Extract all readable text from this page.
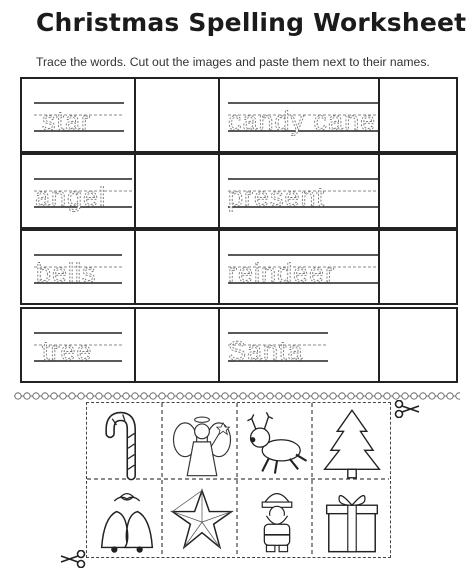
Christmas Spelling Worksheet
Trace the words. Cut out the images and paste them next to their names.
star	candy cane
angel	present
bells	reindeer
tree	Santa
